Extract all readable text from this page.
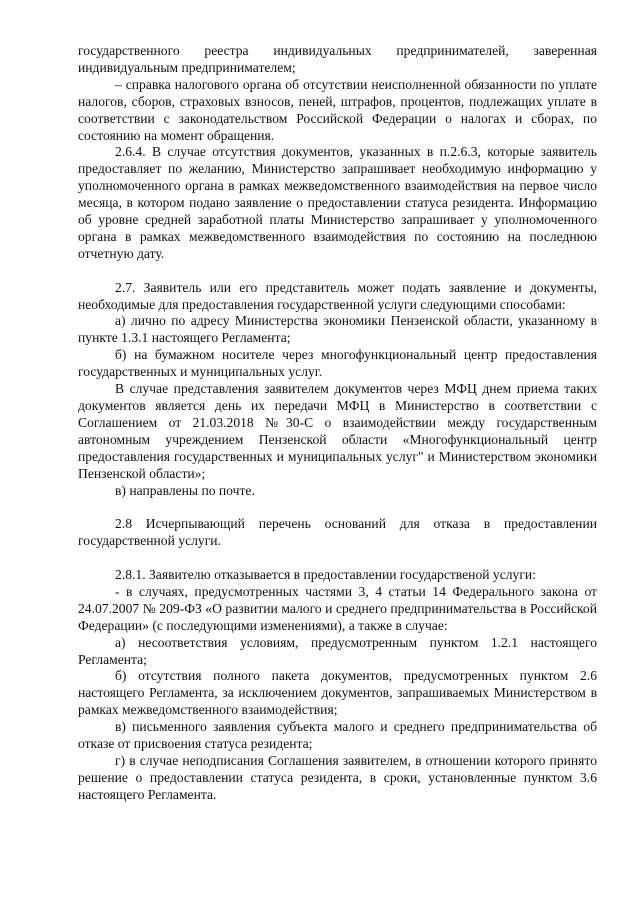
государственного реестра индивидуальных предпринимателей, заверенная индивидуальным предпринимателем;

– справка налогового органа об отсутствии неисполненной обязанности по уплате налогов, сборов, страховых взносов, пеней, штрафов, процентов, подлежащих уплате в соответствии с законодательством Российской Федерации о налогах и сборах, по состоянию на момент обращения.

2.6.4. В случае отсутствия документов, указанных в п.2.6.3, которые заявитель предоставляет по желанию, Министерство запрашивает необходимую информацию у уполномоченного органа в рамках межведомственного взаимодействия на первое число месяца, в котором подано заявление о предоставлении статуса резидента. Информацию об уровне средней заработной платы Министерство запрашивает у уполномоченного органа в рамках межведомственного взаимодействия по состоянию на последнюю отчетную дату.

2.7. Заявитель или его представитель может подать заявление и документы, необходимые для предоставления государственной услуги следующими способами:

а) лично по адресу Министерства экономики Пензенской области, указанному в пункте 1.3.1 настоящего Регламента;

б) на бумажном носителе через многофункциональный центр предоставления государственных и муниципальных услуг.

В случае представления заявителем документов через МФЦ днем приема таких документов является день их передачи МФЦ в Министерство в соответствии с Соглашением от 21.03.2018 №30-С о взаимодействии между государственным автономным учреждением Пензенской области «Многофункциональный центр предоставления государственных и муниципальных услуг" и Министерством экономики Пензенской области»;

в) направлены по почте.

2.8 Исчерпывающий перечень оснований для отказа в предоставлении государственной услуги.

2.8.1. Заявителю отказывается в предоставлении государственой услуги:

- в случаях, предусмотренных частями 3, 4 статьи 14 Федерального закона от 24.07.2007 № 209-ФЗ «О развитии малого и среднего предпринимательства в Российской Федерации» (с последующими изменениями), а также в случае:

а) несоответствия условиям, предусмотренным пунктом 1.2.1 настоящего Регламента;

б) отсутствия полного пакета документов, предусмотренных пунктом 2.6 настоящего Регламента, за исключением документов, запрашиваемых Министерством в рамках межведомственного взаимодействия;

в) письменного заявления субъекта малого и среднего предпринимательства об отказе от присвоения статуса резидента;

г) в случае неподписания Соглашения заявителем, в отношении которого принято решение о предоставлении статуса резидента, в сроки, установленные пунктом 3.6 настоящего Регламента.
